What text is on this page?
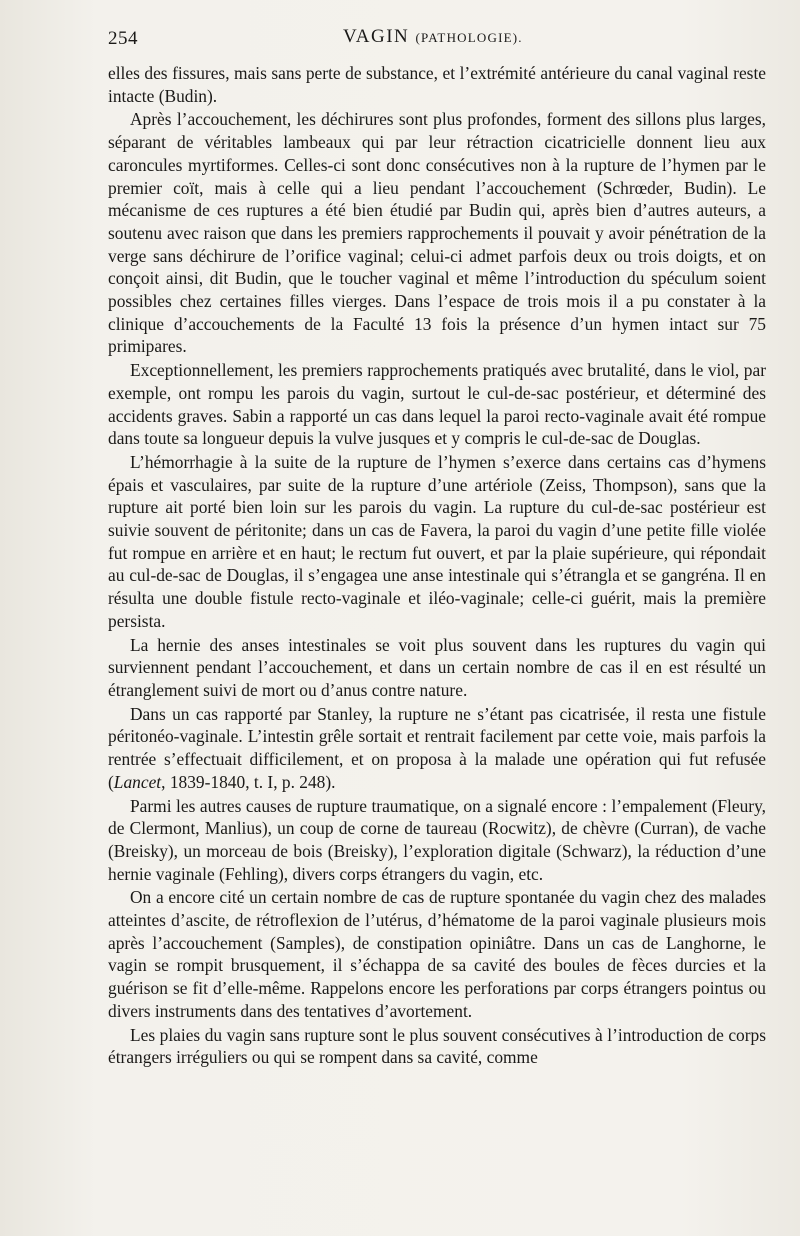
254	VAGIN (PATHOLOGIE).

elles des fissures, mais sans perte de substance, et l’extrémité antérieure du canal vaginal reste intacte (Budin).

Après l’accouchement, les déchirures sont plus profondes, forment des sillons plus larges, séparant de véritables lambeaux qui par leur rétraction cicatricielle donnent lieu aux caroncules myrtiformes. Celles-ci sont donc consécutives non à la rupture de l’hymen par le premier coït, mais à celle qui a lieu pendant l’accouchement (Schrœder, Budin). Le mécanisme de ces ruptures a été bien étudié par Budin qui, après bien d’autres auteurs, a soutenu avec raison que dans les premiers rapprochements il pouvait y avoir pénétration de la verge sans déchirure de l’orifice vaginal; celui-ci admet parfois deux ou trois doigts, et on conçoit ainsi, dit Budin, que le toucher vaginal et même l’introduction du spéculum soient possibles chez certaines filles vierges. Dans l’espace de trois mois il a pu constater à la clinique d’accouchements de la Faculté 13 fois la présence d’un hymen intact sur 75 primipares.

Exceptionnellement, les premiers rapprochements pratiqués avec brutalité, dans le viol, par exemple, ont rompu les parois du vagin, surtout le cul-de-sac postérieur, et déterminé des accidents graves. Sabin a rapporté un cas dans lequel la paroi recto-vaginale avait été rompue dans toute sa longueur depuis la vulve jusques et y compris le cul-de-sac de Douglas.

L’hémorrhagie à la suite de la rupture de l’hymen s’exerce dans certains cas d’hymens épais et vasculaires, par suite de la rupture d’une artériole (Zeiss, Thompson), sans que la rupture ait porté bien loin sur les parois du vagin. La rupture du cul-de-sac postérieur est suivie souvent de péritonite; dans un cas de Favera, la paroi du vagin d’une petite fille violée fut rompue en arrière et en haut; le rectum fut ouvert, et par la plaie supérieure, qui répondait au cul-de-sac de Douglas, il s’engagea une anse intestinale qui s’étrangla et se gangréna. Il en résulta une double fistule recto-vaginale et iléo-vaginale; celle-ci guérit, mais la première persista.

La hernie des anses intestinales se voit plus souvent dans les ruptures du vagin qui surviennent pendant l’accouchement, et dans un certain nombre de cas il en est résulté un étranglement suivi de mort ou d’anus contre nature.

Dans un cas rapporté par Stanley, la rupture ne s’étant pas cicatrisée, il resta une fistule péritonéo-vaginale. L’intestin grêle sortait et rentrait facilement par cette voie, mais parfois la rentrée s’effectuait difficilement, et on proposa à la malade une opération qui fut refusée (Lancet, 1839-1840, t. I, p. 248).

Parmi les autres causes de rupture traumatique, on a signalé encore : l’empalement (Fleury, de Clermont, Manlius), un coup de corne de taureau (Rocwitz), de chèvre (Curran), de vache (Breisky), un morceau de bois (Breisky), l’exploration digitale (Schwarz), la réduction d’une hernie vaginale (Fehling), divers corps étrangers du vagin, etc.

On a encore cité un certain nombre de cas de rupture spontanée du vagin chez des malades atteintes d’ascite, de rétroflexion de l’utérus, d’hématome de la paroi vaginale plusieurs mois après l’accouchement (Samples), de constipation opiniâtre. Dans un cas de Langhorne, le vagin se rompit brusquement, il s’échappa de sa cavité des boules de fèces durcies et la guérison se fit d’elle-même. Rappelons encore les perforations par corps étrangers pointus ou divers instruments dans des tentatives d’avortement.

Les plaies du vagin sans rupture sont le plus souvent consécutives à l’introduction de corps étrangers irréguliers ou qui se rompent dans sa cavité, comme
